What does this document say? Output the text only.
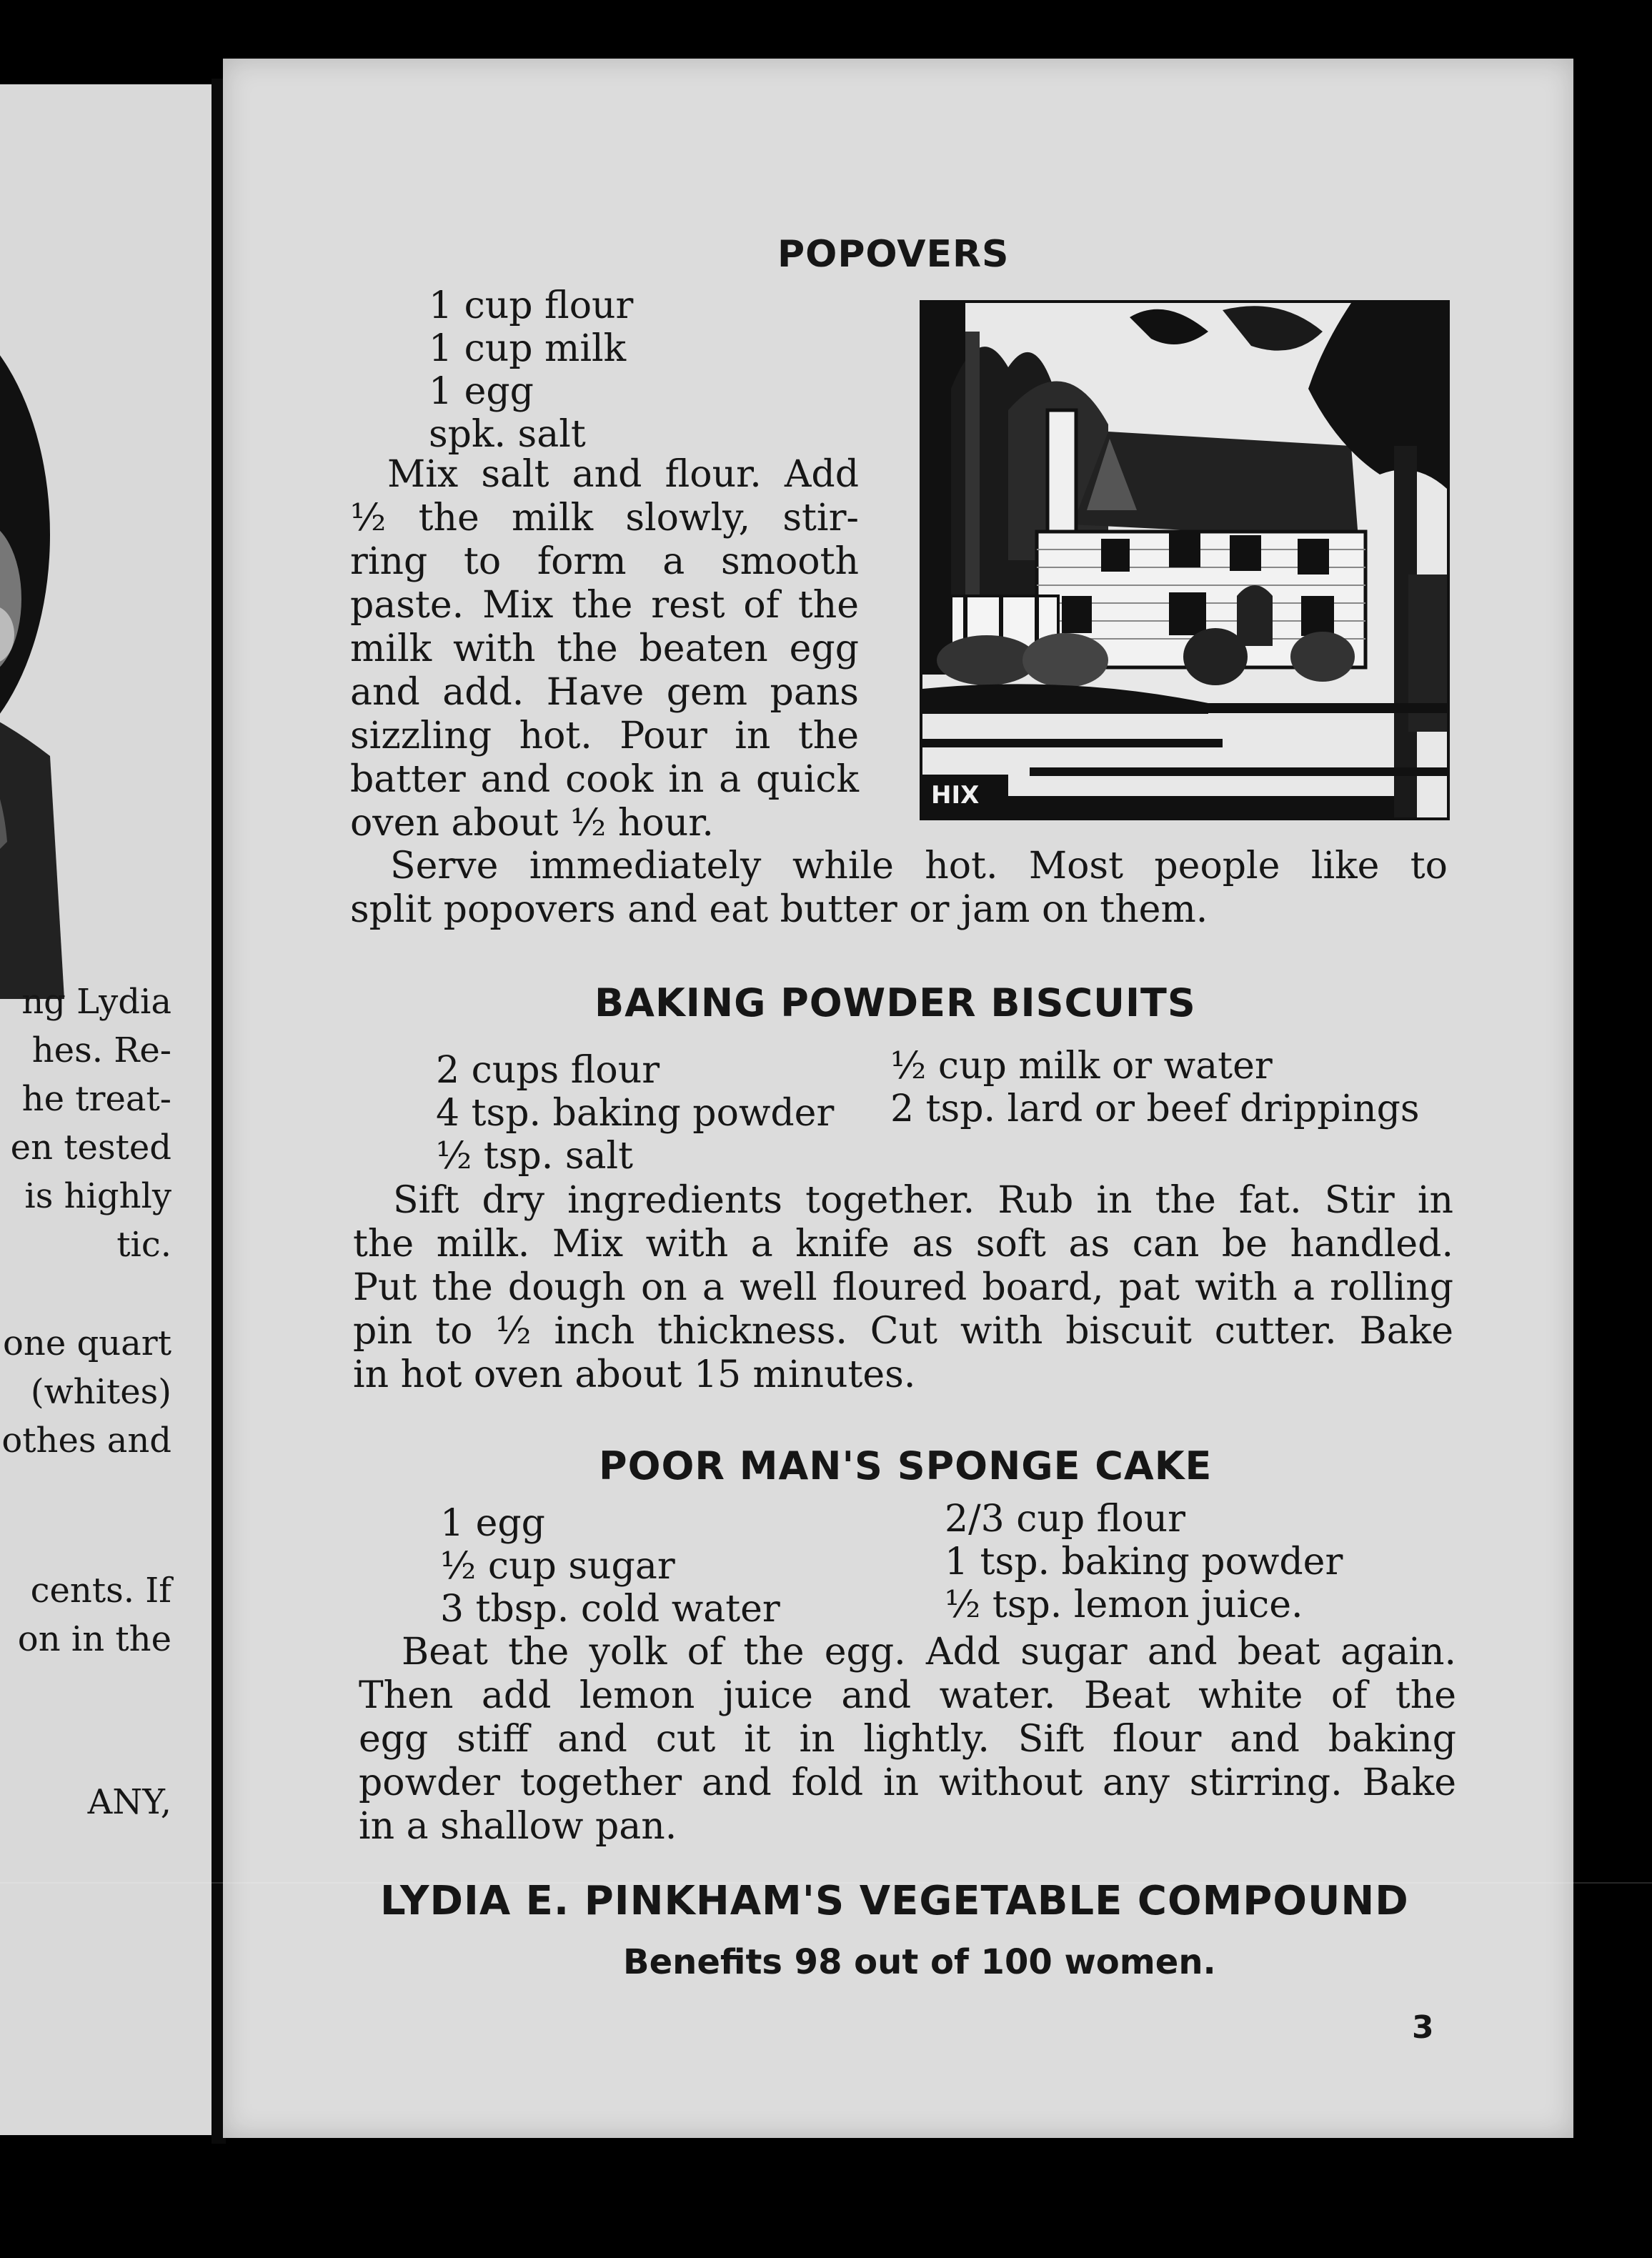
ng Lydia
hes. Re-
he treat-
en tested
is highly
tic.
one quart
(whites)
othes and
cents. If
on in the
ANY,
POPOVERS
1 cup flour
1 cup milk
1 egg
spk. salt
Mix salt and flour. Add
½ the milk slowly, stir-
ring to form a smooth
paste. Mix the rest of the
milk with the beaten egg
and add. Have gem pans
sizzling hot. Pour in the
batter and cook in a quick
oven about ½ hour.
HIX
Serve immediately while hot. Most people like to
split popovers and eat butter or jam on them.
BAKING POWDER BISCUITS
2 cups flour
4 tsp. baking powder
½ tsp. salt
½ cup milk or water
2 tsp. lard or beef drippings
Sift dry ingredients together. Rub in the fat. Stir in
the milk. Mix with a knife as soft as can be handled.
Put the dough on a well floured board, pat with a rolling
pin to ½ inch thickness. Cut with biscuit cutter. Bake
in hot oven about 15 minutes.
POOR MAN'S SPONGE CAKE
1 egg
½ cup sugar
3 tbsp. cold water
2/3 cup flour
1 tsp. baking powder
½ tsp. lemon juice.
Beat the yolk of the egg. Add sugar and beat again.
Then add lemon juice and water. Beat white of the
egg stiff and cut it in lightly. Sift flour and baking
powder together and fold in without any stirring. Bake
in a shallow pan.
LYDIA E. PINKHAM'S VEGETABLE COMPOUND
Benefits 98 out of 100 women.
3
